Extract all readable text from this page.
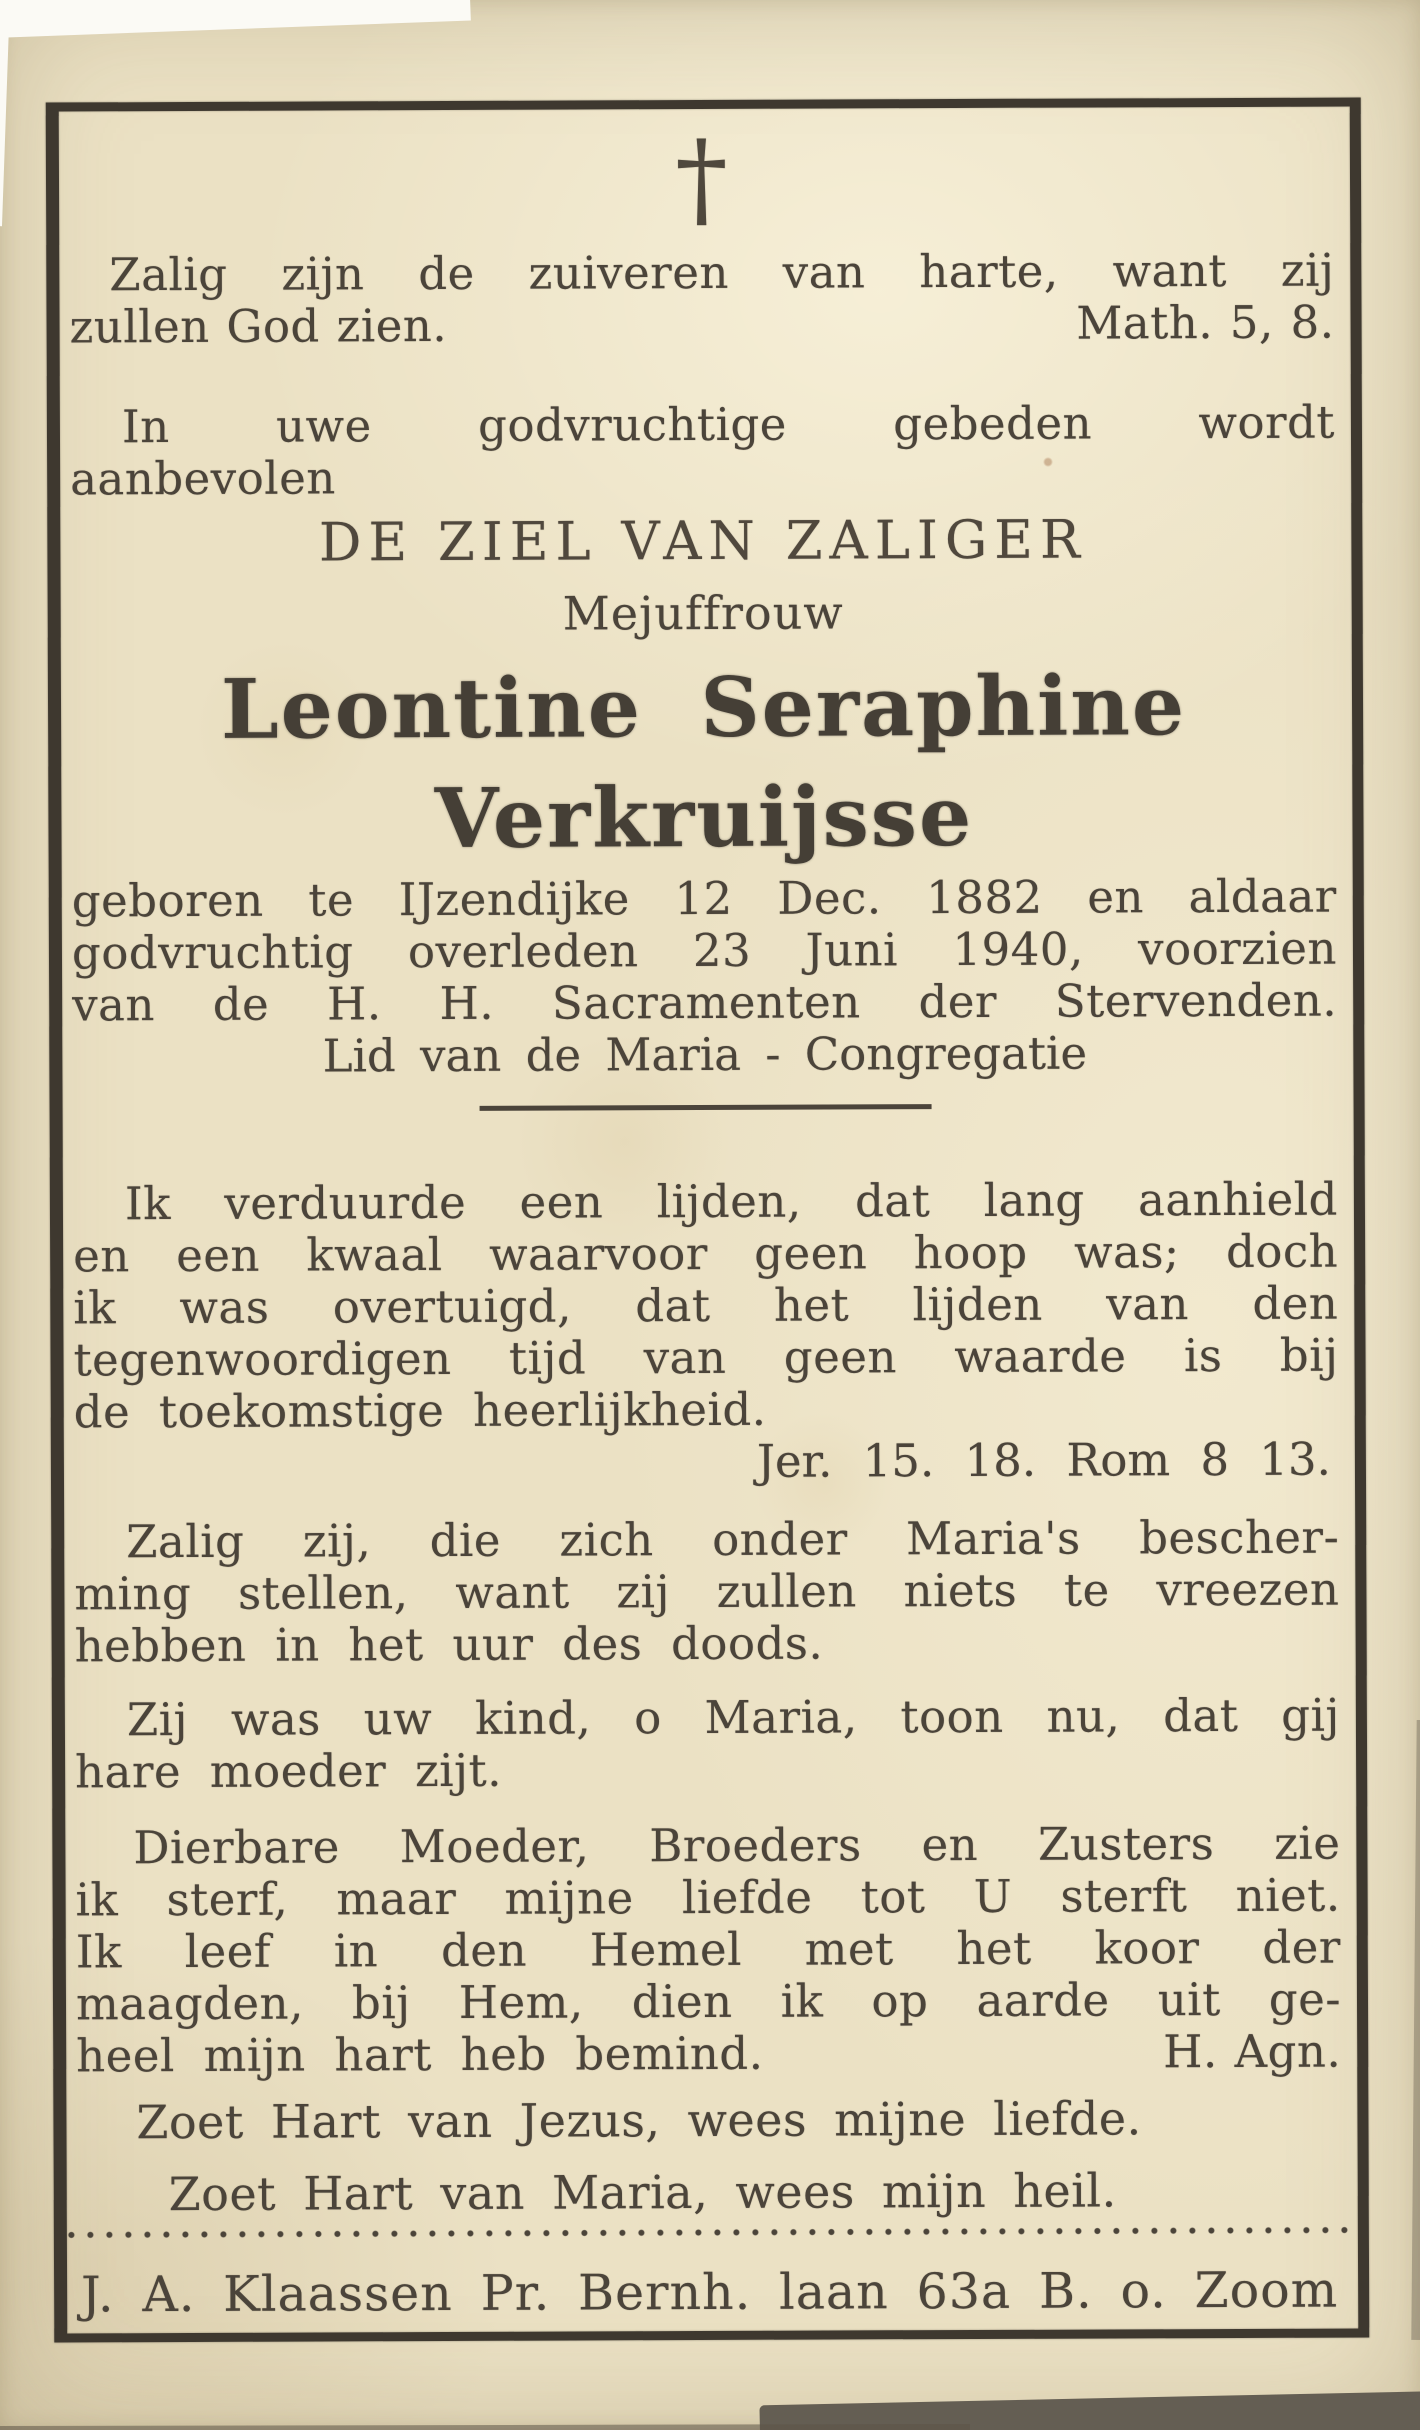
†
Zalig zijn de zuiveren van harte, want zij
zullen God zien.	Math. 5, 8.
In uwe godvruchtige gebeden wordt
aanbevolen
DE ZIEL VAN ZALIGER
Mejuffrouw
Leontine Seraphine
Verkruijsse
geboren te IJzendijke 12 Dec. 1882 en aldaar
godvruchtig overleden 23 Juni 1940, voorzien
van de H. H. Sacramenten der Stervenden.
Lid van de Maria - Congregatie
Ik verduurde een lijden, dat lang aanhield
en een kwaal waarvoor geen hoop was; doch
ik was overtuigd, dat het lijden van den
tegenwoordigen tijd van geen waarde is bij
de toekomstige heerlijkheid.
Jer. 15. 18. Rom 8 13.
Zalig zij, die zich onder Maria's bescher-
ming stellen, want zij zullen niets te vreezen
hebben in het uur des doods.
Zij was uw kind, o Maria, toon nu, dat gij
hare moeder zijt.
Dierbare Moeder, Broeders en Zusters zie
ik sterf, maar mijne liefde tot U sterft niet.
Ik leef in den Hemel met het koor der
maagden, bij Hem, dien ik op aarde uit ge-
heel mijn hart heb bemind.	H. Agn.
Zoet Hart van Jezus, wees mijne liefde.
Zoet Hart van Maria, wees mijn heil.
J. A. Klaassen Pr. Bernh. laan 63a B. o. Zoom
